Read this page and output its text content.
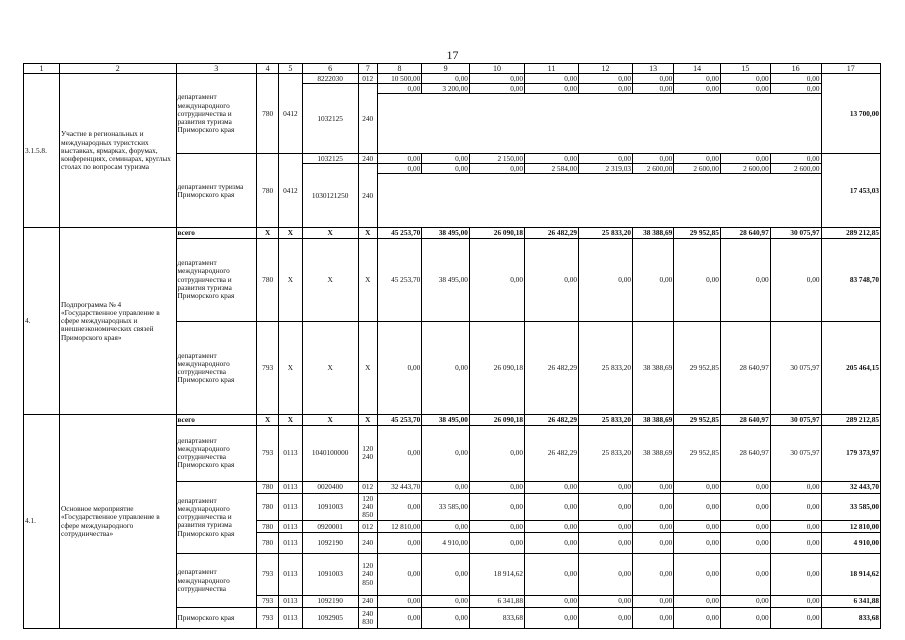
17
1	2	3	4	5	6	7	8	9	10	11	12	13	14	15	16	17
3.1.5.8.	Участие в региональных и международных туристских выставках, ярмарках, форумах, конференциях, семинарах, круглых столах по вопросам туризма	департамент международного сотрудничества и развития туризма Приморского края	780	0412	8222030	012	10 500,00	0,00	0,00	0,00	0,00	0,00	0,00	0,00	0,00	13 700,00
					1032125	240	0,00	3 200,00	0,00	0,00	0,00	0,00	0,00	0,00	0,00	

		департамент туризма Приморского края	780	0412	1032125	240	0,00	0,00	2 150,00	0,00	0,00	0,00	0,00	0,00	0,00	17 453,03
					1030121250	240	0,00	0,00	0,00	2 584,00	2 319,03	2 600,00	2 600,00	2 600,00	2 600,00	

4.	Подпрограмма № 4 «Государственное управление в сфере международных и внешнеэкономических связей Приморского края»	всего	X	X	X	X	45 253,70	38 495,00	26 090,18	26 482,29	25 833,20	38 388,69	29 952,85	28 640,97	30 075,97	289 212,85
		департамент международного сотрудничества и развития туризма Приморского края	780	X	X	X	45 253,70	38 495,00	0,00	0,00	0,00	0,00	0,00	0,00	0,00	83 748,70
		департамент международного сотрудничества Приморского края	793	X	X	X	0,00	0,00	26 090,18	26 482,29	25 833,20	38 388,69	29 952,85	28 640,97	30 075,97	205 464,15
4.1.	Основное мероприятие «Государственное управление в сфере международного сотрудничества»	всего	X	X	X	X	45 253,70	38 495,00	26 090,18	26 482,29	25 833,20	38 388,69	29 952,85	28 640,97	30 075,97	289 212,85
		департамент международного сотрудничества Приморского края	793	0113	1040100000	120
240	0,00	0,00	0,00	26 482,29	25 833,20	38 388,69	29 952,85	28 640,97	30 075,97	179 373,97
		департамент международного сотрудничества и развития туризма Приморского края	780	0113	0020400	012	32 443,70	0,00	0,00	0,00	0,00	0,00	0,00	0,00	0,00	32 443,70
			780	0113	1091003	120
240
850	0,00	33 585,00	0,00	0,00	0,00	0,00	0,00	0,00	0,00	33 585,00
			780	0113	0920001	012	12 810,00	0,00	0,00	0,00	0,00	0,00	0,00	0,00	0,00	12 810,00
			780	0113	1092190	240	0,00	4 910,00	0,00	0,00	0,00	0,00	0,00	0,00	0,00	4 910,00
		департамент международного сотрудничества	793	0113	1091003	120
240
850	0,00	0,00	18 914,62	0,00	0,00	0,00	0,00	0,00	0,00	18 914,62
			793	0113	1092190	240	0,00	0,00	6 341,88	0,00	0,00	0,00	0,00	0,00	0,00	6 341,88
		Приморского края	793	0113	1092905	240
830	0,00	0,00	833,68	0,00	0,00	0,00	0,00	0,00	0,00	833,68
